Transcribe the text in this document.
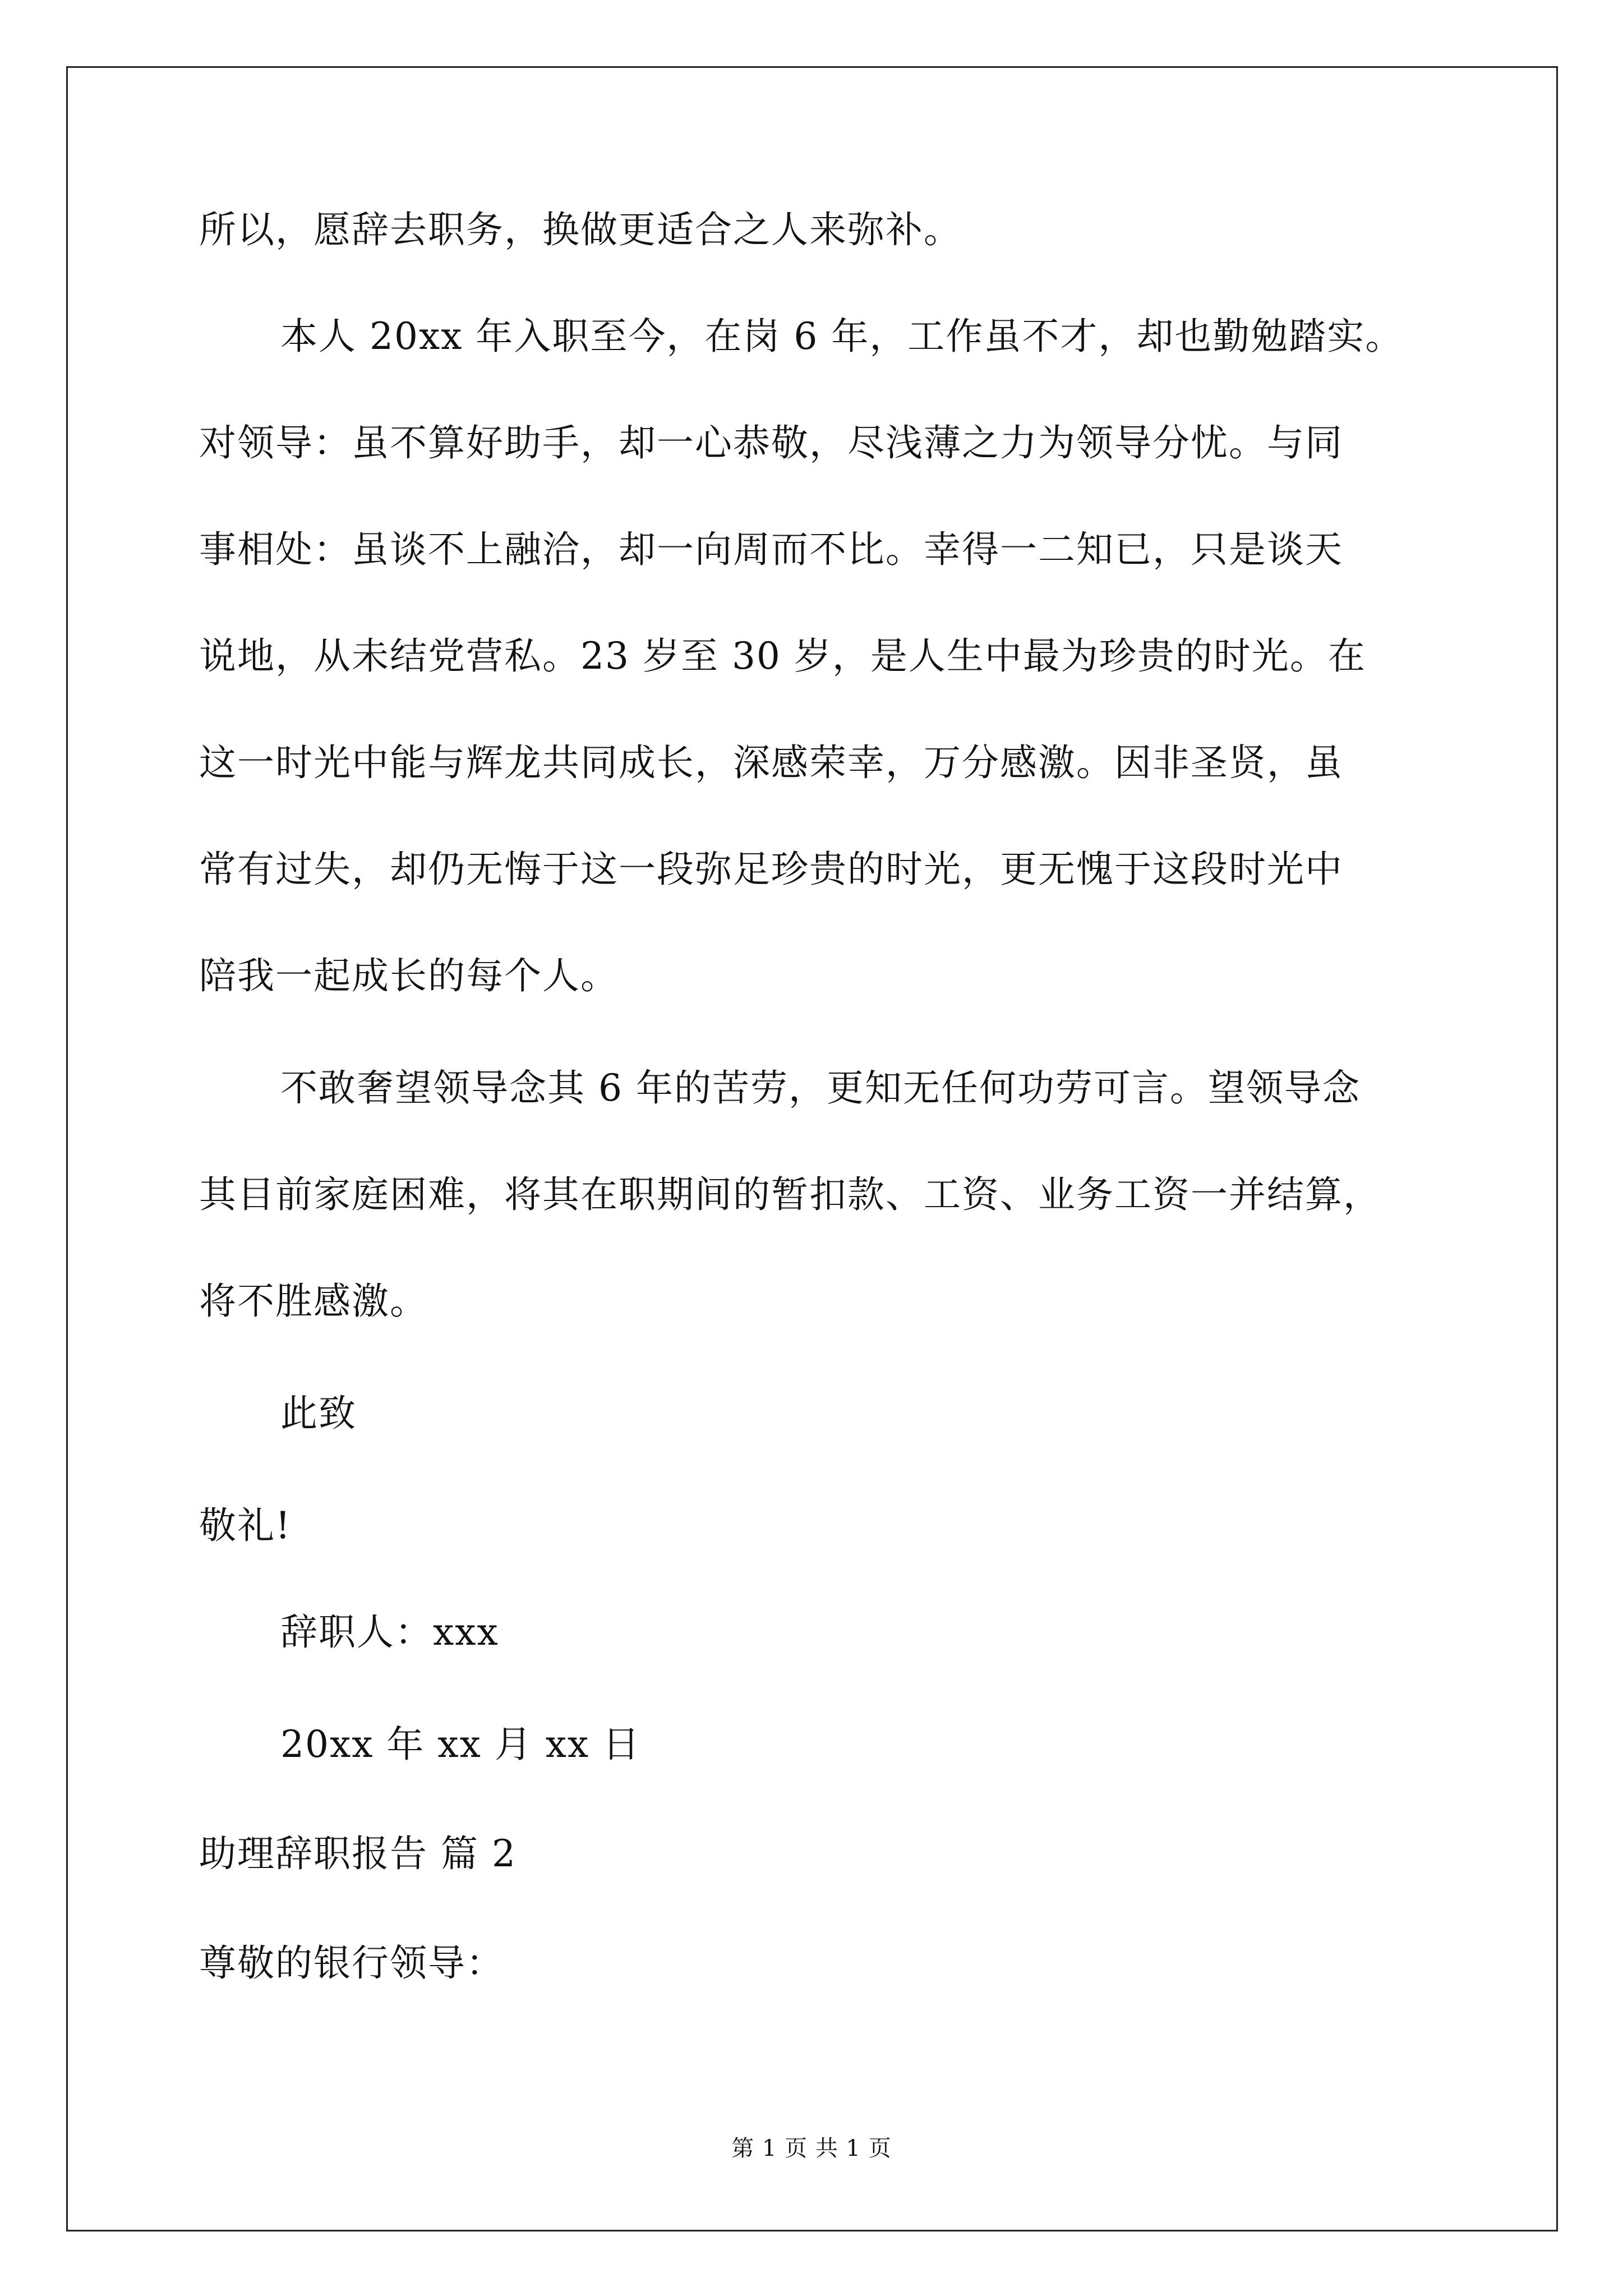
所以，愿辞去职务，换做更适合之人来弥补。
本人 20xx 年入职至今，在岗 6 年，工作虽不才，却也勤勉踏实。
对领导：虽不算好助手，却一心恭敬，尽浅薄之力为领导分忧。与同
事相处：虽谈不上融洽，却一向周而不比。幸得一二知已，只是谈天
说地，从未结党营私。23 岁至 30 岁，是人生中最为珍贵的时光。在
这一时光中能与辉龙共同成长，深感荣幸，万分感激。因非圣贤，虽
常有过失，却仍无悔于这一段弥足珍贵的时光，更无愧于这段时光中
陪我一起成长的每个人。
不敢奢望领导念其 6 年的苦劳，更知无任何功劳可言。望领导念
其目前家庭困难，将其在职期间的暂扣款、工资、业务工资一并结算，
将不胜感激。
此致
敬礼!
辞职人：xxx
20xx 年 xx 月 xx 日
助理辞职报告 篇 2
尊敬的银行领导：
第 1 页 共 1 页
